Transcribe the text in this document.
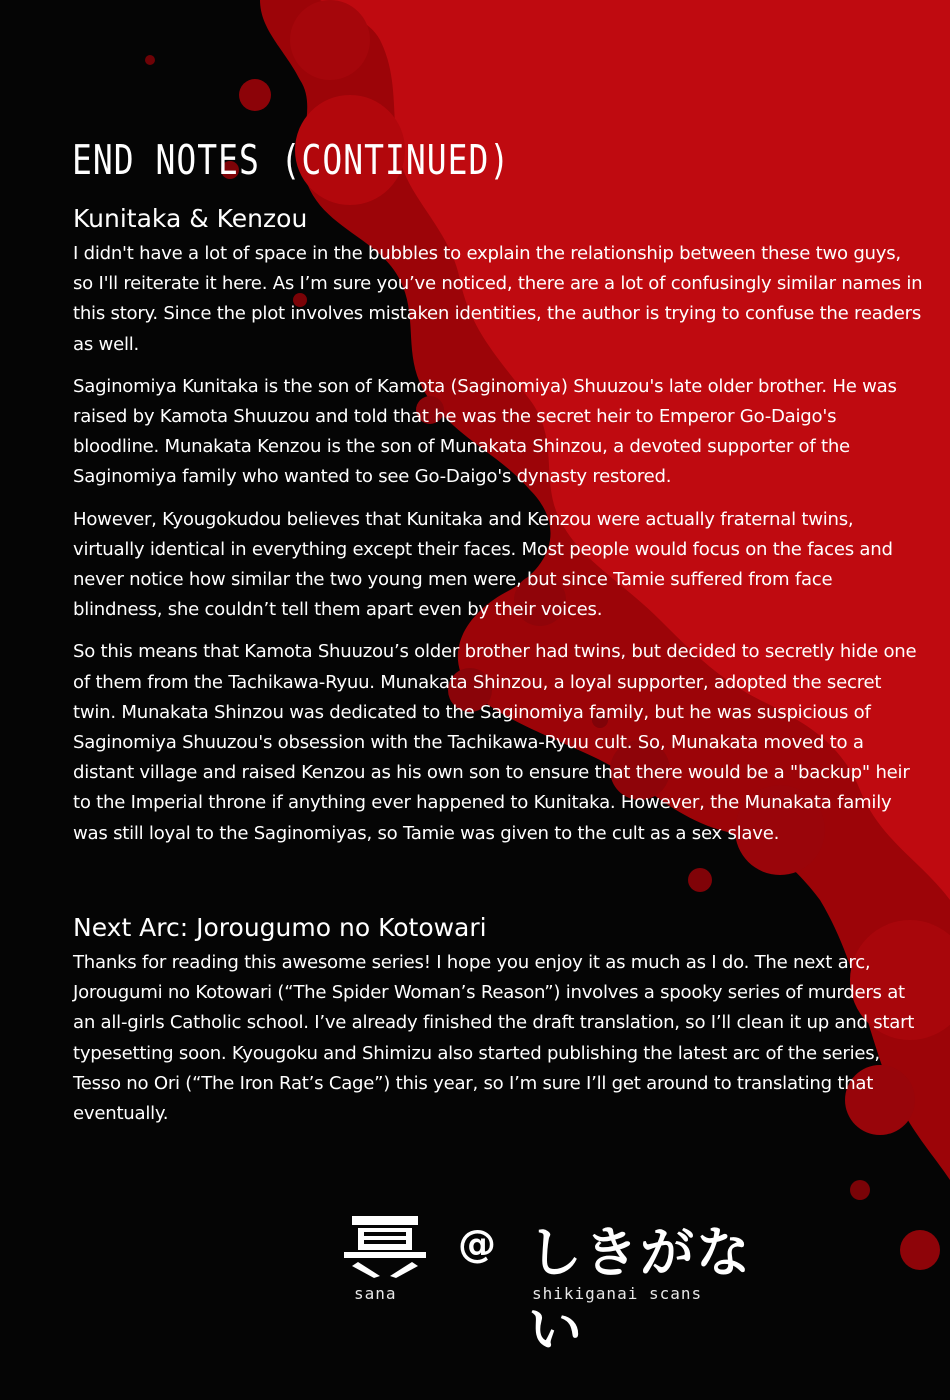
END NOTES (CONTINUED)
Kunitaka & Kenzou

I didn't have a lot of space in the bubbles to explain the relationship between these two guys, so I'll reiterate it here. As I’m sure you’ve noticed, there are a lot of confusingly similar names in this story. Since the plot involves mistaken identities, the author is trying to confuse the readers as well.

Saginomiya Kunitaka is the son of Kamota (Saginomiya) Shuuzou's late older brother. He was raised by Kamota Shuuzou and told that he was the secret heir to Emperor Go-Daigo's bloodline. Munakata Kenzou is the son of Munakata Shinzou, a devoted supporter of the Saginomiya family who wanted to see Go-Daigo's dynasty restored.

However, Kyougokudou believes that Kunitaka and Kenzou were actually fraternal twins, virtually identical in everything except their faces. Most people would focus on the faces and never notice how similar the two young men were, but since Tamie suffered from face blindness, she couldn’t tell them apart even by their voices.

So this means that Kamota Shuuzou’s older brother had twins, but decided to secretly hide one of them from the Tachikawa-Ryuu. Munakata Shinzou, a loyal supporter, adopted the secret twin. Munakata Shinzou was dedicated to the Saginomiya family, but he was suspicious of Saginomiya Shuuzou's obsession with the Tachikawa-Ryuu cult. So, Munakata moved to a distant village and raised Kenzou as his own son to ensure that there would be a "backup" heir to the Imperial throne if anything ever happened to Kunitaka. However, the Munakata family was still loyal to the Saginomiyas, so Tamie was given to the cult as a sex slave.

Next Arc: Jorougumo no Kotowari

Thanks for reading this awesome series! I hope you enjoy it as much as I do. The next arc, Jorougumi no Kotowari (“The Spider Woman’s Reason”) involves a spooky series of murders at an all-girls Catholic school. I’ve already finished the draft translation, so I’ll clean it up and start typesetting soon. Kyougoku and Shimizu also started publishing the latest arc of the series, Tesso no Ori (“The Iron Rat’s Cage”) this year, so I’m sure I’ll get around to translating that eventually.

sana
@ しきがない
shikiganai scans
